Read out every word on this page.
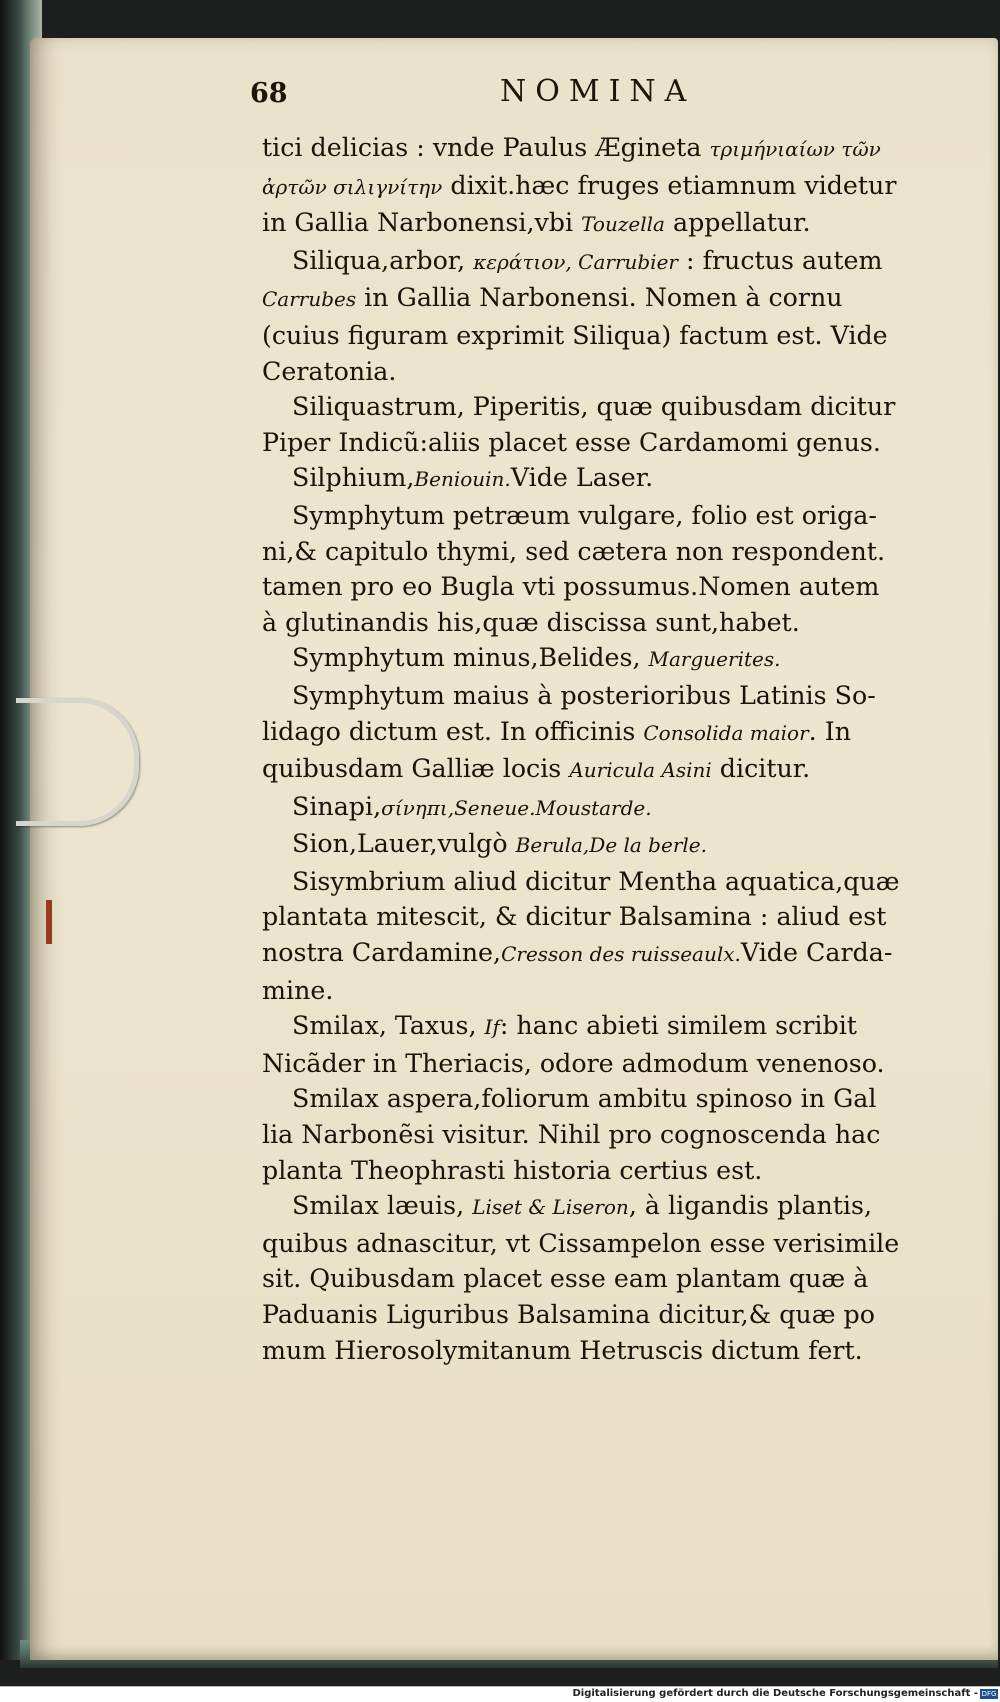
68	NOMINA
tici delicias : vnde Paulus Ægineta τριμήνιαίων τῶν
ἀρτῶν σιλιγνίτην dixit.hæc fruges etiamnum videtur
in Gallia Narbonensi,vbi Touzella appellatur.
Siliqua,arbor, κεράτιον, Carrubier : fructus autem
Carrubes in Gallia Narbonensi. Nomen à cornu
(cuius figuram exprimit Siliqua) factum est. Vide
Ceratonia.
Siliquastrum, Piperitis, quæ quibusdam dicitur
Piper Indicũ:aliis placet esse Cardamomi genus.
Silphium,Beniouin.Vide Laser.
Symphytum petræum vulgare, folio est origa-
ni,& capitulo thymi, sed cætera non respondent.
tamen pro eo Bugla vti possumus.Nomen autem
à glutinandis his,quæ discissa sunt,habet.
Symphytum minus,Belides, Marguerites.
Symphytum maius à posterioribus Latinis So-
lidago dictum est. In officinis Consolida maior. In
quibusdam Galliæ locis Auricula Asini dicitur.
Sinapi,σίνηπι,Seneue.Moustarde.
Sion,Lauer,vulgò Berula,De la berle.
Sisymbrium aliud dicitur Mentha aquatica,quæ
plantata mitescit, & dicitur Balsamina : aliud est
nostra Cardamine,Cresson des ruisseaulx.Vide Carda-
mine.
Smilax, Taxus, If: hanc abieti similem scribit
Nicãder in Theriacis, odore admodum venenoso.
Smilax aspera,foliorum ambitu spinoso in Gal
lia Narbonẽsi visitur. Nihil pro cognoscenda hac
planta Theophrasti historia certius est.
Smilax læuis, Liset & Liseron, à ligandis plantis,
quibus adnascitur, vt Cissampelon esse verisimile
sit. Quibusdam placet esse eam plantam quæ à
Paduanis Liguribus Balsamina dicitur,& quæ po
mum Hierosolymitanum Hetruscis dictum fert.
Digitalisierung gefördert durch die Deutsche Forschungsgemeinschaft - DFG
